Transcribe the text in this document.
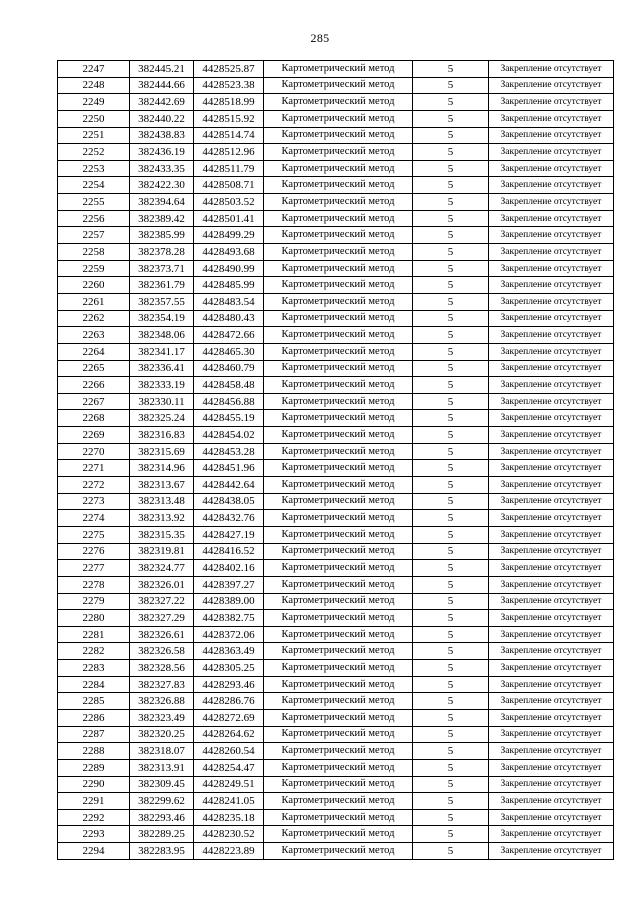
285
2247	382445.21	4428525.87	Картометрический метод	5	Закрепление отсутствует
2248	382444.66	4428523.38	Картометрический метод	5	Закрепление отсутствует
2249	382442.69	4428518.99	Картометрический метод	5	Закрепление отсутствует
2250	382440.22	4428515.92	Картометрический метод	5	Закрепление отсутствует
2251	382438.83	4428514.74	Картометрический метод	5	Закрепление отсутствует
2252	382436.19	4428512.96	Картометрический метод	5	Закрепление отсутствует
2253	382433.35	4428511.79	Картометрический метод	5	Закрепление отсутствует
2254	382422.30	4428508.71	Картометрический метод	5	Закрепление отсутствует
2255	382394.64	4428503.52	Картометрический метод	5	Закрепление отсутствует
2256	382389.42	4428501.41	Картометрический метод	5	Закрепление отсутствует
2257	382385.99	4428499.29	Картометрический метод	5	Закрепление отсутствует
2258	382378.28	4428493.68	Картометрический метод	5	Закрепление отсутствует
2259	382373.71	4428490.99	Картометрический метод	5	Закрепление отсутствует
2260	382361.79	4428485.99	Картометрический метод	5	Закрепление отсутствует
2261	382357.55	4428483.54	Картометрический метод	5	Закрепление отсутствует
2262	382354.19	4428480.43	Картометрический метод	5	Закрепление отсутствует
2263	382348.06	4428472.66	Картометрический метод	5	Закрепление отсутствует
2264	382341.17	4428465.30	Картометрический метод	5	Закрепление отсутствует
2265	382336.41	4428460.79	Картометрический метод	5	Закрепление отсутствует
2266	382333.19	4428458.48	Картометрический метод	5	Закрепление отсутствует
2267	382330.11	4428456.88	Картометрический метод	5	Закрепление отсутствует
2268	382325.24	4428455.19	Картометрический метод	5	Закрепление отсутствует
2269	382316.83	4428454.02	Картометрический метод	5	Закрепление отсутствует
2270	382315.69	4428453.28	Картометрический метод	5	Закрепление отсутствует
2271	382314.96	4428451.96	Картометрический метод	5	Закрепление отсутствует
2272	382313.67	4428442.64	Картометрический метод	5	Закрепление отсутствует
2273	382313.48	4428438.05	Картометрический метод	5	Закрепление отсутствует
2274	382313.92	4428432.76	Картометрический метод	5	Закрепление отсутствует
2275	382315.35	4428427.19	Картометрический метод	5	Закрепление отсутствует
2276	382319.81	4428416.52	Картометрический метод	5	Закрепление отсутствует
2277	382324.77	4428402.16	Картометрический метод	5	Закрепление отсутствует
2278	382326.01	4428397.27	Картометрический метод	5	Закрепление отсутствует
2279	382327.22	4428389.00	Картометрический метод	5	Закрепление отсутствует
2280	382327.29	4428382.75	Картометрический метод	5	Закрепление отсутствует
2281	382326.61	4428372.06	Картометрический метод	5	Закрепление отсутствует
2282	382326.58	4428363.49	Картометрический метод	5	Закрепление отсутствует
2283	382328.56	4428305.25	Картометрический метод	5	Закрепление отсутствует
2284	382327.83	4428293.46	Картометрический метод	5	Закрепление отсутствует
2285	382326.88	4428286.76	Картометрический метод	5	Закрепление отсутствует
2286	382323.49	4428272.69	Картометрический метод	5	Закрепление отсутствует
2287	382320.25	4428264.62	Картометрический метод	5	Закрепление отсутствует
2288	382318.07	4428260.54	Картометрический метод	5	Закрепление отсутствует
2289	382313.91	4428254.47	Картометрический метод	5	Закрепление отсутствует
2290	382309.45	4428249.51	Картометрический метод	5	Закрепление отсутствует
2291	382299.62	4428241.05	Картометрический метод	5	Закрепление отсутствует
2292	382293.46	4428235.18	Картометрический метод	5	Закрепление отсутствует
2293	382289.25	4428230.52	Картометрический метод	5	Закрепление отсутствует
2294	382283.95	4428223.89	Картометрический метод	5	Закрепление отсутствует
